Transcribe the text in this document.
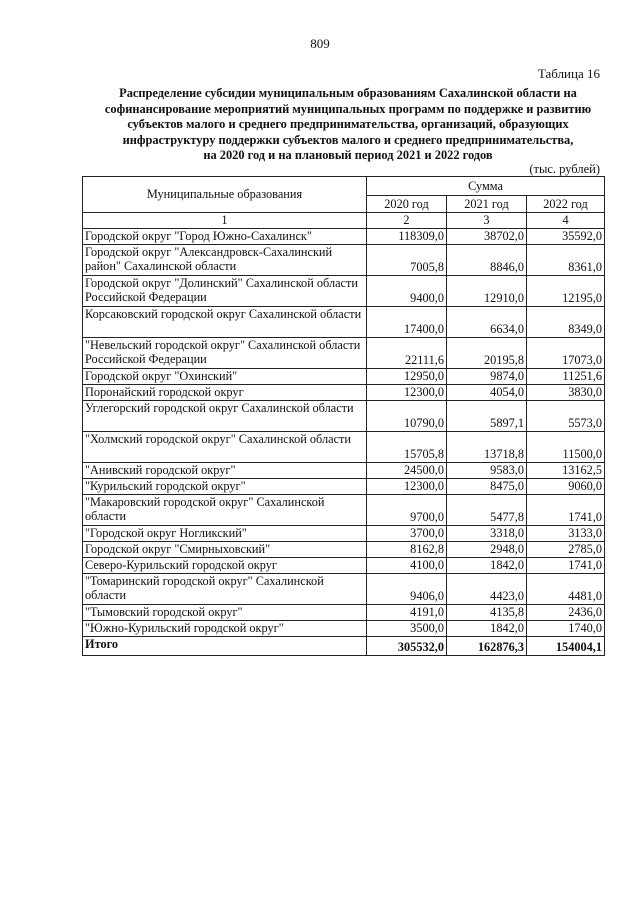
809
Таблица 16
Распределение субсидии муниципальным образованиям Сахалинской области на
софинансирование мероприятий муниципальных программ по поддержке и развитию
субъектов малого и среднего предпринимательства, организаций, образующих
инфраструктуру поддержки субъектов малого и среднего предпринимательства,
на 2020 год и на плановый период 2021 и 2022 годов
(тыс. рублей)
Муниципальные образования	Сумма		
	2020 год	2021 год	2022 год
1	2	3	4
Городской округ "Город Южно-Сахалинск"	118309,0	38702,0	35592,0
Городской округ "Александровск-Сахалинский район" Сахалинской области	7005,8	8846,0	8361,0
Городской округ "Долинский" Сахалинской области Российской Федерации	9400,0	12910,0	12195,0
Корсаковский городской округ Сахалинской области	17400,0	6634,0	8349,0
"Невельский городской округ" Сахалинской области Российской Федерации	22111,6	20195,8	17073,0
Городской округ "Охинский"	12950,0	9874,0	11251,6
Поронайский городской округ	12300,0	4054,0	3830,0
Углегорский городской округ Сахалинской области	10790,0	5897,1	5573,0
"Холмский городской округ" Сахалинской области	15705,8	13718,8	11500,0
"Анивский городской округ"	24500,0	9583,0	13162,5
"Курильский городской округ"	12300,0	8475,0	9060,0
"Макаровский городской округ" Сахалинской области	9700,0	5477,8	1741,0
"Городской округ Ногликский"	3700,0	3318,0	3133,0
Городской округ "Смирныховский"	8162,8	2948,0	2785,0
Северо-Курильский городской округ	4100,0	1842,0	1741,0
"Томаринский городской округ" Сахалинской области	9406,0	4423,0	4481,0
"Тымовский городской округ"	4191,0	4135,8	2436,0
"Южно-Курильский городской округ"	3500,0	1842,0	1740,0
Итого	305532,0	162876,3	154004,1
